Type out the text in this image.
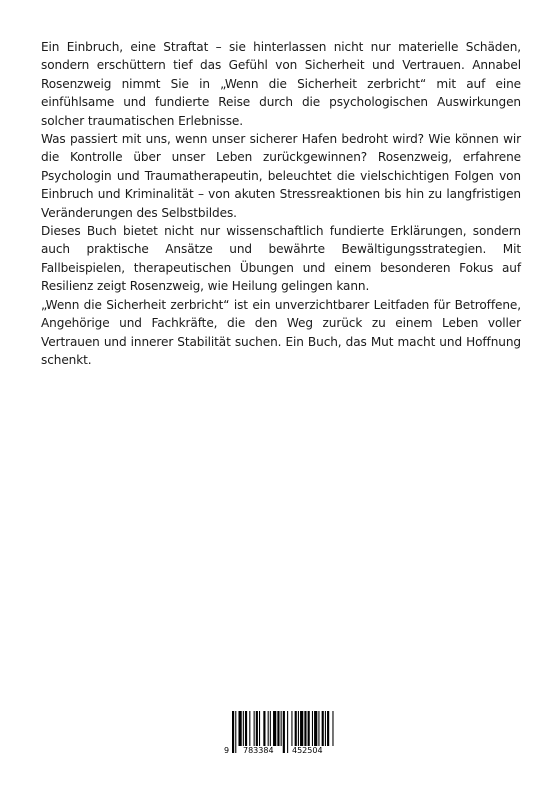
Ein Einbruch, eine Straftat – sie hinterlassen nicht nur materielle Schäden, sondern erschüttern tief das Gefühl von Sicherheit und Vertrauen. Annabel Rosenzweig nimmt Sie in „Wenn die Sicherheit zerbricht“ mit auf eine einfühlsame und fundierte Reise durch die psychologischen Auswirkungen solcher traumatischen Erlebnisse.

Was passiert mit uns, wenn unser sicherer Hafen bedroht wird? Wie können wir die Kontrolle über unser Leben zurückgewinnen? Rosenzweig, erfahrene Psychologin und Traumatherapeutin, beleuchtet die vielschichtigen Folgen von Einbruch und Kriminalität – von akuten Stressreaktionen bis hin zu langfristigen Veränderungen des Selbstbildes.

Dieses Buch bietet nicht nur wissenschaftlich fundierte Erklärungen, sondern auch praktische Ansätze und bewährte Bewältigungsstrategien. Mit Fallbeispielen, therapeutischen Übungen und einem besonderen Fokus auf Resilienz zeigt Rosenzweig, wie Heilung gelingen kann.

„Wenn die Sicherheit zerbricht“ ist ein unverzichtbarer Leitfaden für Betroffene, Angehörige und Fachkräfte, die den Weg zurück zu einem Leben voller Vertrauen und innerer Stabilität suchen. Ein Buch, das Mut macht und Hoffnung schenkt.

9 783384 452504
